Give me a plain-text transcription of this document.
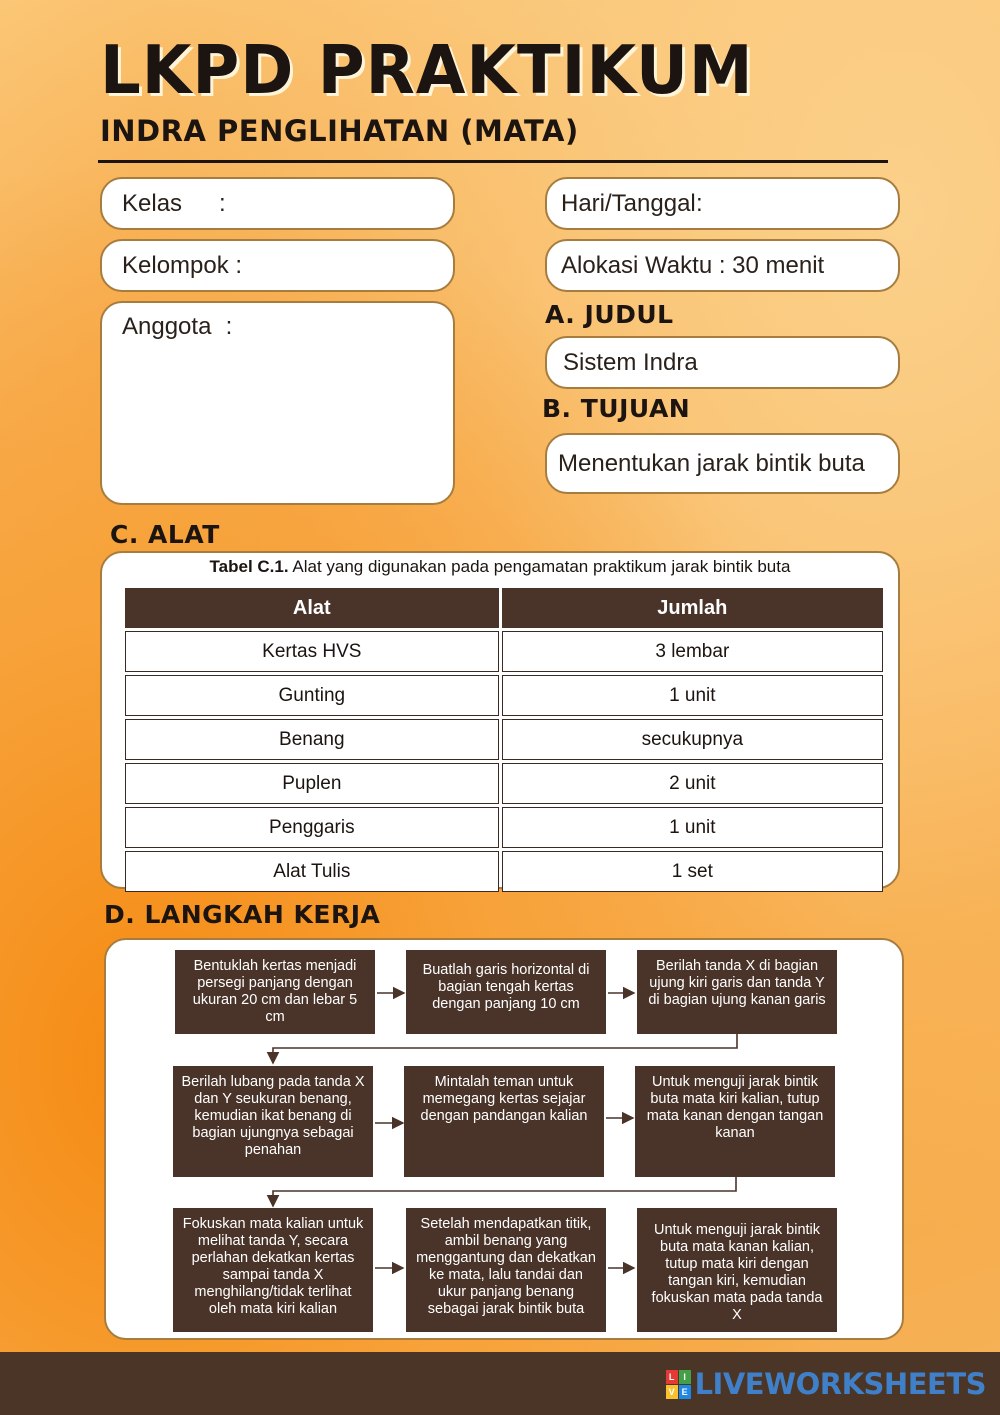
LKPD PRAKTIKUM
INDRA PENGLIHATAN (MATA)
Kelas	:
Kelompok :
Anggota :
Hari/Tanggal :
Alokasi Waktu : 30 menit
A. JUDUL
Sistem Indra
B. TUJUAN
Menentukan jarak bintik buta
C. ALAT
Tabel C.1. Alat yang digunakan pada pengamatan praktikum jarak bintik buta
Alat	Jumlah
Kertas HVS	3 lembar
Gunting	1 unit
Benang	secukupnya
Puplen	2 unit
Penggaris	1 unit
Alat Tulis	1 set
D. LANGKAH KERJA
Bentuklah kertas menjadi persegi panjang dengan ukuran 20 cm dan lebar 5 cm
Buatlah garis horizontal di bagian tengah kertas dengan panjang 10 cm
Berilah tanda X di bagian ujung kiri garis dan tanda Y di bagian ujung kanan garis
Berilah lubang pada tanda X dan Y seukuran benang, kemudian ikat benang di bagian ujungnya sebagai penahan
Mintalah teman untuk memegang kertas sejajar dengan pandangan kalian
Untuk menguji jarak bintik buta mata kiri kalian, tutup mata kanan dengan tangan kanan
Fokuskan mata kalian untuk melihat tanda Y, secara perlahan dekatkan kertas sampai tanda X menghilang/tidak terlihat oleh mata kiri kalian
Setelah mendapatkan titik, ambil benang yang menggantung dan dekatkan ke mata, lalu tandai dan ukur panjang benang sebagai jarak bintik buta
Untuk menguji jarak bintik buta mata kanan kalian, tutup mata kiri dengan tangan kiri, kemudian fokuskan mata pada tanda X
L I
V E LIVEWORKSHEETS
